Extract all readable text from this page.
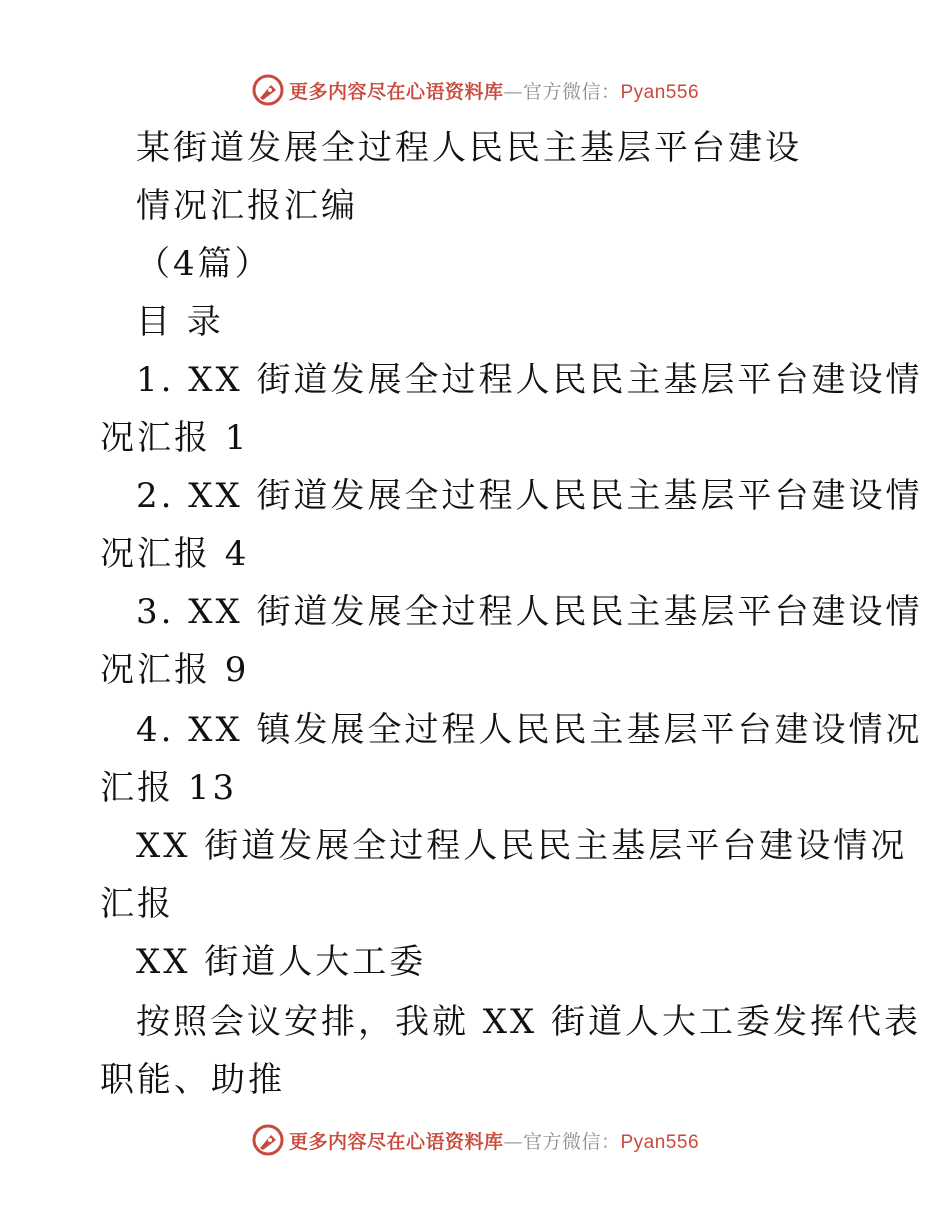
更多内容尽在心语资料库—官方微信：Pyan556
某街道发展全过程人民民主基层平台建设
情况汇报汇编
（4篇）
目 录
1. XX 街道发展全过程人民民主基层平台建设情
况汇报 1
2. XX 街道发展全过程人民民主基层平台建设情
况汇报 4
3. XX 街道发展全过程人民民主基层平台建设情
况汇报 9
4. XX 镇发展全过程人民民主基层平台建设情况
汇报 13
XX 街道发展全过程人民民主基层平台建设情况
汇报
XX 街道人大工委
按照会议安排，我就 XX 街道人大工委发挥代表
职能、助推
更多内容尽在心语资料库—官方微信：Pyan556
